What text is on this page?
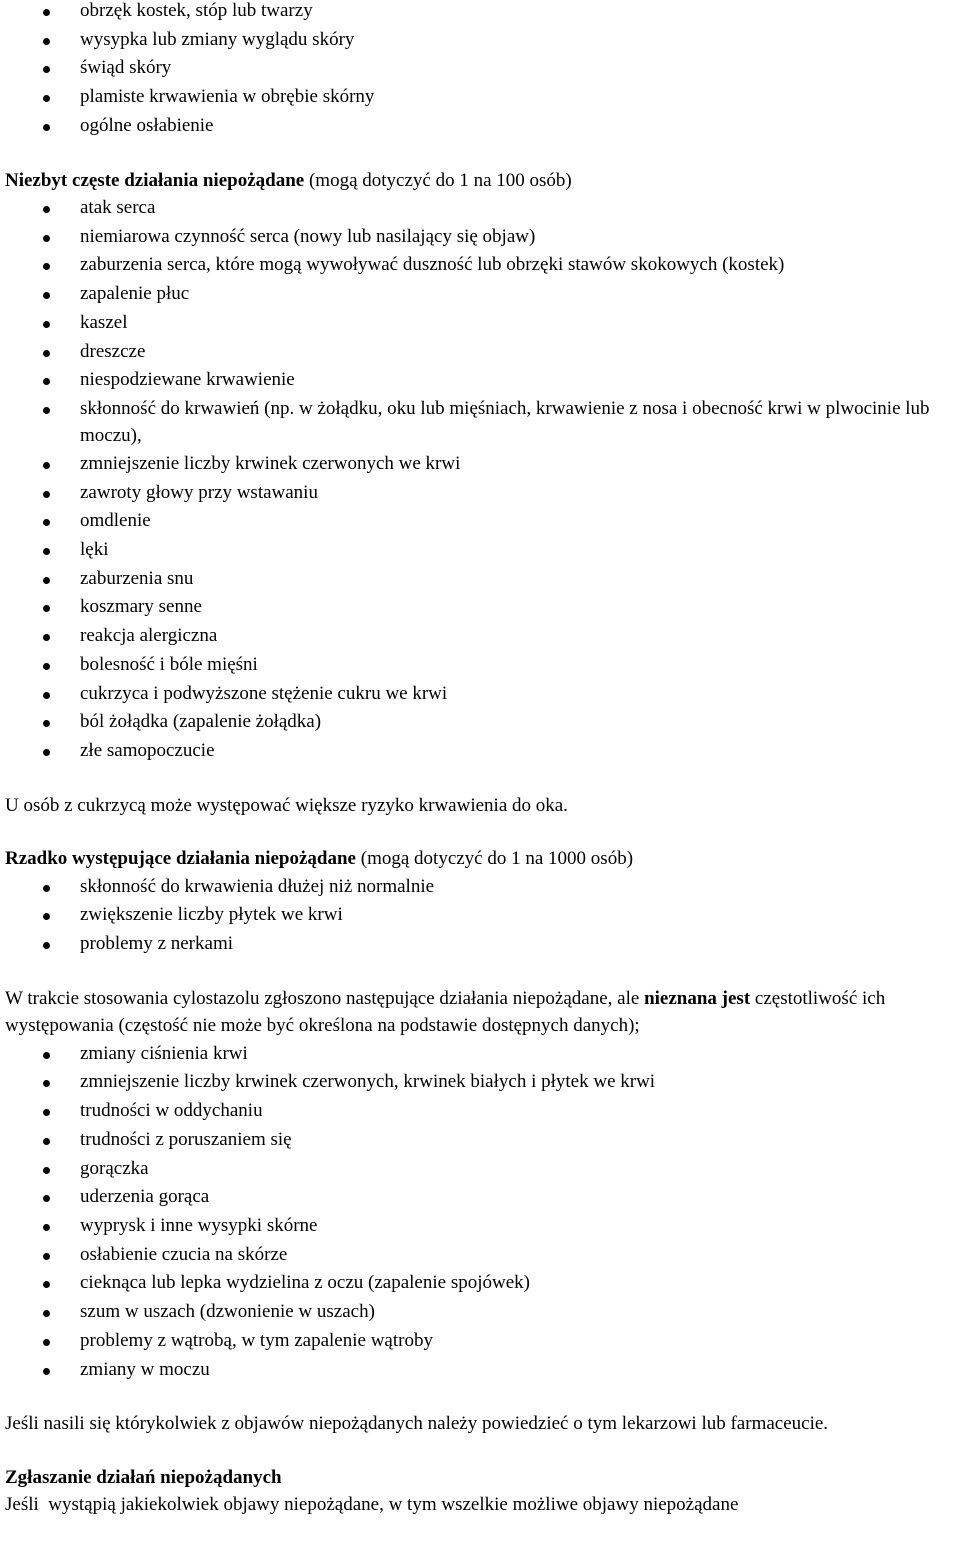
obrzęk kostek, stóp lub twarzy
wysypka lub zmiany wyglądu skóry
świąd skóry
plamiste krwawienia w obrębie skórny
ogólne osłabienie
Niezbyt częste działania niepożądane (mogą dotyczyć do 1 na 100 osób)
atak serca
niemiarowa czynność serca (nowy lub nasilający się objaw)
zaburzenia serca, które mogą wywoływać duszność lub obrzęki stawów skokowych (kostek)
zapalenie płuc
kaszel
dreszcze
niespodziewane krwawienie
skłonność do krwawień (np. w żołądku, oku lub mięśniach, krwawienie z nosa i obecność krwi w plwocinie lub moczu),
zmniejszenie liczby krwinek czerwonych we krwi
zawroty głowy przy wstawaniu
omdlenie
lęki
zaburzenia snu
koszmary senne
reakcja alergiczna
bolesność i bóle mięśni
cukrzyca i podwyższone stężenie cukru we krwi
ból żołądka (zapalenie żołądka)
złe samopoczucie
U osób z cukrzycą może występować większe ryzyko krwawienia do oka.
Rzadko występujące działania niepożądane (mogą dotyczyć do 1 na 1000 osób)
skłonność do krwawienia dłużej niż normalnie
zwiększenie liczby płytek we krwi
problemy z nerkami
W trakcie stosowania cylostazolu zgłoszono następujące działania niepożądane, ale nieznana jest częstotliwość ich występowania (częstość nie może być określona na podstawie dostępnych danych);
zmiany ciśnienia krwi
zmniejszenie liczby krwinek czerwonych, krwinek białych i płytek we krwi
trudności w oddychaniu
trudności z poruszaniem się
gorączka
uderzenia gorąca
wyprysk i inne wysypki skórne
osłabienie czucia na skórze
cieknąca lub lepka wydzielina z oczu (zapalenie spojówek)
szum w uszach (dzwonienie w uszach)
problemy z wątrobą, w tym zapalenie wątroby
zmiany w moczu
Jeśli nasili się którykolwiek z objawów niepożądanych należy powiedzieć o tym lekarzowi lub farmaceucie.
Zgłaszanie działań niepożądanych
Jeśli  wystąpią jakiekolwiek objawy niepożądane, w tym wszelkie możliwe objawy niepożądane
